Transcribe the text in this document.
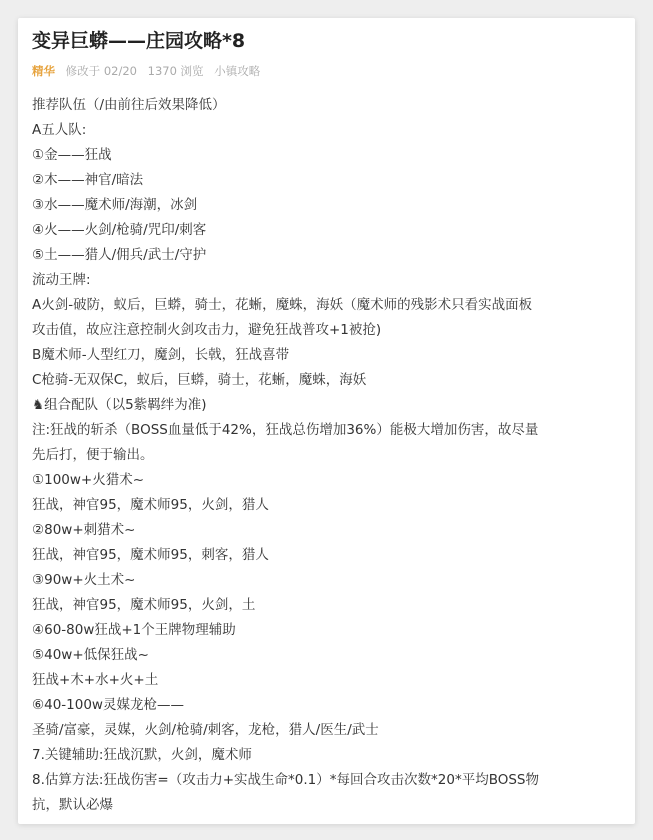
变异巨蟒——庄园攻略*8
精华 修改于 02/20 1370 浏览 小镇攻略
推荐队伍（/由前往后效果降低）
A五人队:
①金——狂战
②木——神官/暗法
③水——魔术师/海潮，冰剑
④火——火剑/枪骑/咒印/刺客
⑤土——猎人/佣兵/武士/守护
流动王牌:
A火剑-破防，蚁后，巨蟒，骑士，花蜥，魔蛛，海妖（魔术师的残影术只看实战面板
攻击值，故应注意控制火剑攻击力，避免狂战普攻+1被抢)
B魔术师-人型红刀，魔剑，长戟，狂战喜带
C枪骑-无双保C，蚁后，巨蟒，骑士，花蜥，魔蛛，海妖
♞组合配队（以5紫羁绊为准)
注:狂战的斩杀（BOSS血量低于42%，狂战总伤增加36%）能极大增加伤害，故尽量
先后打，便于输出。
①100w+火猎术~
狂战，神官95，魔术师95，火剑，猎人
②80w+刺猎术~
狂战，神官95，魔术师95，刺客，猎人
③90w+火土术~
狂战，神官95，魔术师95，火剑，土
④60-80w狂战+1个王牌物理辅助
⑤40w+低保狂战~
狂战+木+水+火+土
⑥40-100w灵媒龙枪——
圣骑/富豪，灵媒，火剑/枪骑/刺客，龙枪，猎人/医生/武士
7.关键辅助:狂战沉默，火剑，魔术师
8.估算方法:狂战伤害=（攻击力+实战生命*0.1）*每回合攻击次数*20*平均BOSS物
抗，默认必爆
